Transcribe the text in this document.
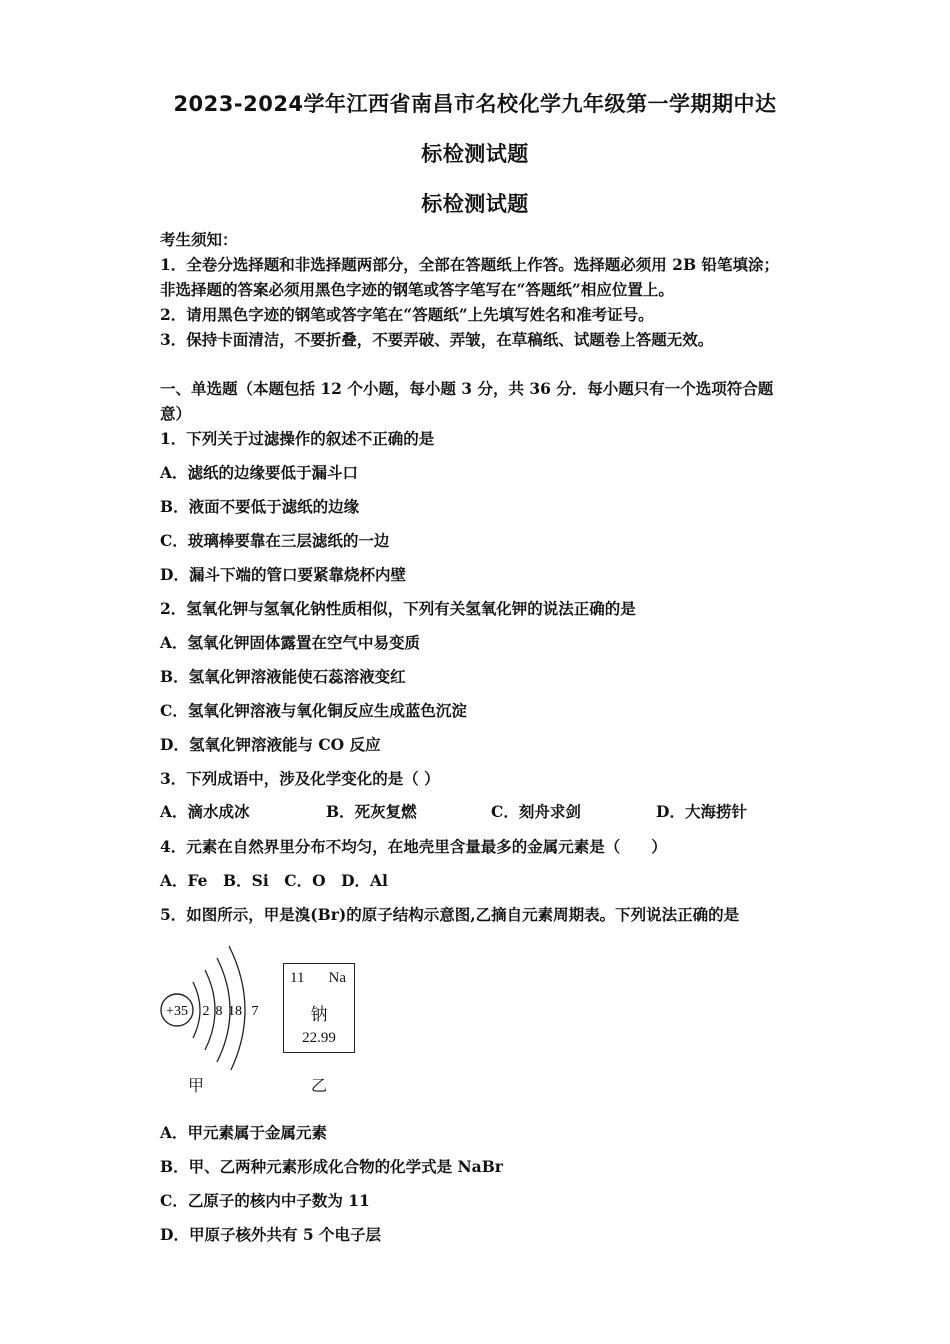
2023-2024学年江西省南昌市名校化学九年级第一学期期中达
标检测试题
标检测试题
考生须知：
1．全卷分选择题和非选择题两部分，全部在答题纸上作答。选择题必须用 2B 铅笔填涂；
非选择题的答案必须用黑色字迹的钢笔或答字笔写在“答题纸”相应位置上。
2．请用黑色字迹的钢笔或答字笔在“答题纸”上先填写姓名和准考证号。
3．保持卡面清洁，不要折叠，不要弄破、弄皱，在草稿纸、试题卷上答题无效。
一、单选题（本题包括 12 个小题，每小题 3 分，共 36 分．每小题只有一个选项符合题
意）
1．下列关于过滤操作的叙述不正确的是
A．滤纸的边缘要低于漏斗口
B．液面不要低于滤纸的边缘
C．玻璃棒要靠在三层滤纸的一边
D．漏斗下端的管口要紧靠烧杯内壁
2．氢氧化钾与氢氧化钠性质相似，下列有关氢氧化钾的说法正确的是
A．氢氧化钾固体露置在空气中易变质
B．氢氧化钾溶液能使石蕊溶液变红
C．氢氧化钾溶液与氧化铜反应生成蓝色沉淀
D．氢氧化钾溶液能与 CO 反应
3．下列成语中，涉及化学变化的是（ ）
A．滴水成冰	B．死灰复燃	C．刻舟求剑	D．大海捞针
4．元素在自然界里分布不均匀，在地壳里含量最多的金属元素是（　　）
A．Fe　B．Si　C．O　D．Al
5．如图所示，甲是溴(Br)的原子结构示意图,乙摘自元素周期表。下列说法正确的是
+35 2 8 18 7
甲
11 Na
钠
22.99
乙
A．甲元素属于金属元素
B．甲、乙两种元素形成化合物的化学式是 NaBr
C．乙原子的核内中子数为 11
D．甲原子核外共有 5 个电子层
